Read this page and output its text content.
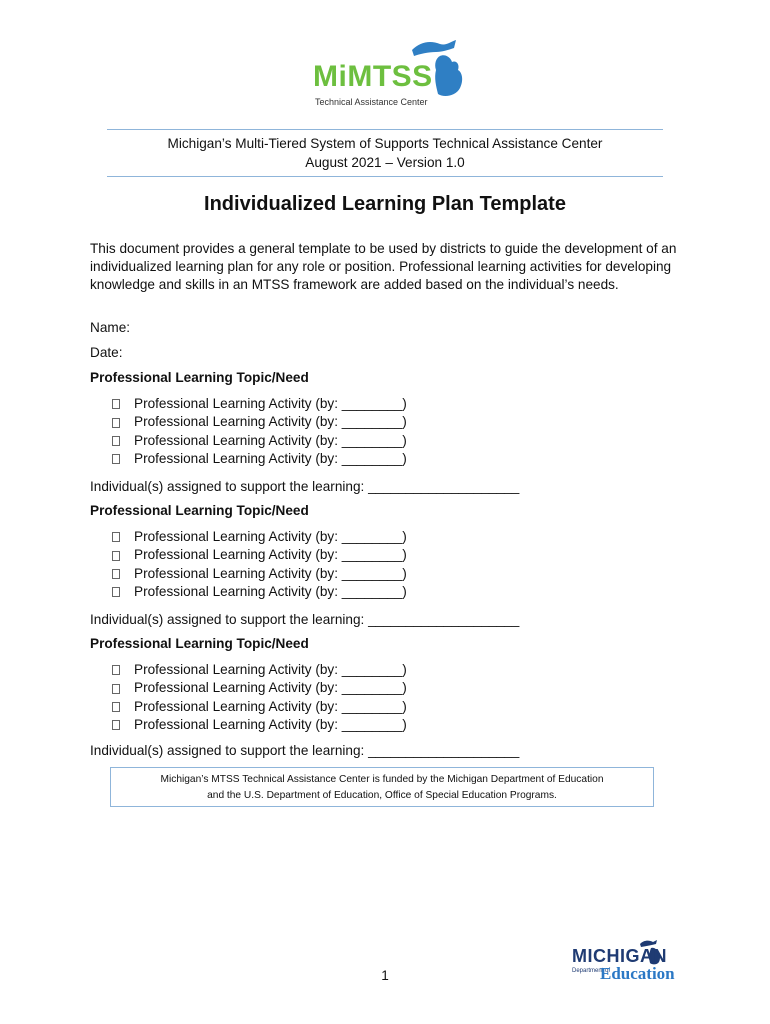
MiMTSS
Technical Assistance Center
Michigan’s Multi-Tiered System of Supports Technical Assistance Center
August 2021 – Version 1.0
Individualized Learning Plan Template
This document provides a general template to be used by districts to guide the development of an individualized learning plan for any role or position. Professional learning activities for developing knowledge and skills in an MTSS framework are added based on the individual’s needs.
Name:
Date:
Professional Learning Topic/Need
Professional Learning Activity (by: ________)
Professional Learning Activity (by: ________)
Professional Learning Activity (by: ________)
Professional Learning Activity (by: ________)
Individual(s) assigned to support the learning: ____________________
Professional Learning Topic/Need
Professional Learning Activity (by: ________)
Professional Learning Activity (by: ________)
Professional Learning Activity (by: ________)
Professional Learning Activity (by: ________)
Individual(s) assigned to support the learning: ____________________
Professional Learning Topic/Need
Professional Learning Activity (by: ________)
Professional Learning Activity (by: ________)
Professional Learning Activity (by: ________)
Professional Learning Activity (by: ________)
Individual(s) assigned to support the learning: ____________________
Michigan’s MTSS Technical Assistance Center is funded by the Michigan Department of Education
and the U.S. Department of Education, Office of Special Education Programs.
1
MICHIGAN
Department of
Education
